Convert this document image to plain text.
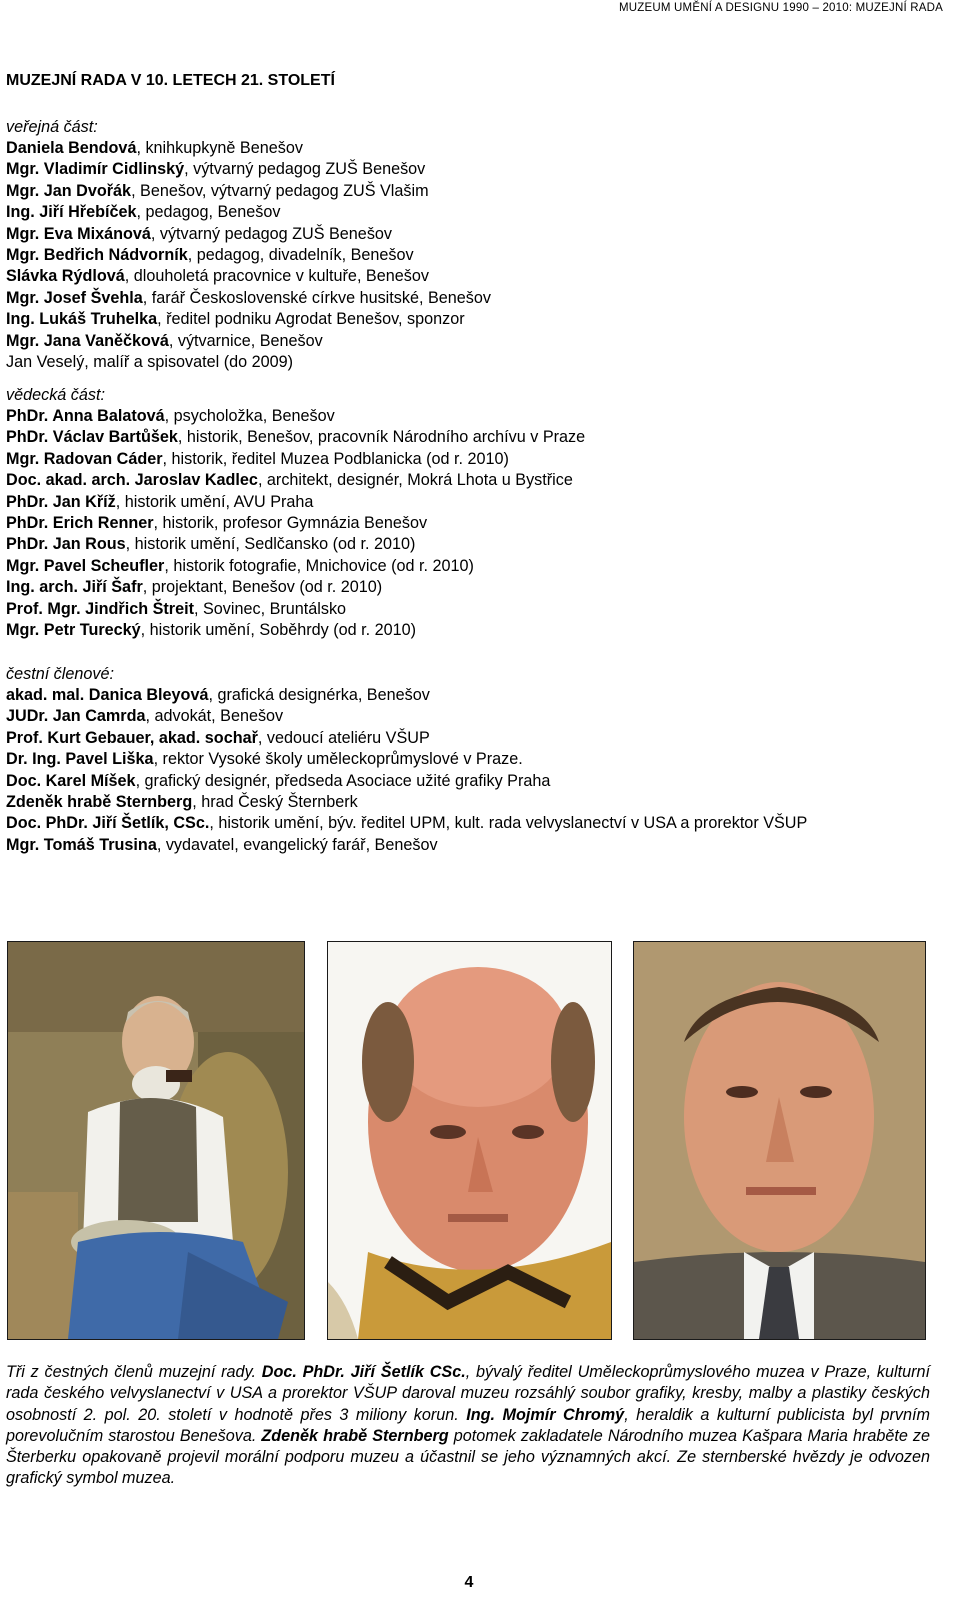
MUZEUM UMĚNÍ A DESIGNU 1990 – 2010: MUZEJNÍ RADA
MUZEJNÍ RADA V 10. LETECH 21. STOLETÍ
veřejná část:
Daniela Bendová, knihkupkyně Benešov
Mgr. Vladimír Cidlinský, výtvarný pedagog ZUŠ Benešov
Mgr. Jan Dvořák, Benešov, výtvarný pedagog ZUŠ Vlašim
Ing. Jiří Hřebíček, pedagog, Benešov
Mgr. Eva Mixánová, výtvarný pedagog ZUŠ Benešov
Mgr. Bedřich Nádvorník, pedagog, divadelník, Benešov
Slávka Rýdlová, dlouholetá pracovnice v kultuře, Benešov
Mgr. Josef Švehla, farář Československé církve husitské, Benešov
Ing. Lukáš Truhelka, ředitel podniku Agrodat Benešov, sponzor
Mgr. Jana Vaněčková, výtvarnice, Benešov
Jan Veselý, malíř a spisovatel (do 2009)
vědecká část:
PhDr. Anna Balatová, psycholožka, Benešov
PhDr. Václav Bartůšek, historik, Benešov, pracovník Národního archívu v Praze
Mgr. Radovan Cáder, historik, ředitel Muzea Podblanicka (od r. 2010)
Doc. akad. arch. Jaroslav Kadlec, architekt, designér, Mokrá Lhota u Bystřice
PhDr. Jan Kříž, historik umění, AVU Praha
PhDr. Erich Renner, historik, profesor Gymnázia Benešov
PhDr. Jan Rous, historik umění, Sedlčansko (od r. 2010)
Mgr. Pavel Scheufler, historik fotografie, Mnichovice (od r. 2010)
Ing. arch. Jiří Šafr, projektant, Benešov (od r. 2010)
Prof. Mgr. Jindřich Štreit, Sovinec, Bruntálsko
Mgr. Petr Turecký, historik umění, Soběhrdy (od r. 2010)
čestní členové:
akad. mal. Danica Bleyová, grafická designérka, Benešov
JUDr. Jan Camrda, advokát, Benešov
Prof. Kurt Gebauer, akad. sochař, vedoucí ateliéru VŠUP
Dr. Ing. Pavel Liška, rektor Vysoké školy uměleckoprůmyslové v Praze.
Doc. Karel Míšek, grafický designér, předseda Asociace užité grafiky Praha
Zdeněk hrabě Sternberg, hrad Český Šternberk
Doc. PhDr. Jiří Šetlík, CSc., historik umění, býv. ředitel UPM, kult. rada velvyslanectví v USA a prorektor VŠUP
Mgr. Tomáš Trusina, vydavatel, evangelický farář, Benešov

Tři z čestných členů muzejní rady. Doc. PhDr. Jiří Šetlík CSc., bývalý ředitel Uměleckoprůmyslového muzea v Praze, kulturní rada českého velvyslanectví v USA a prorektor VŠUP daroval muzeu rozsáhlý soubor grafiky, kresby, malby a plastiky českých osobností 2. pol. 20. století v hodnotě přes 3 miliony korun. Ing. Mojmír Chromý, heraldik a kulturní publicista byl prvním porevolučním starostou Benešova. Zdeněk hrabě Sternberg potomek zakladatele Národního muzea Kašpara Maria hraběte ze Šterberku opakovaně projevil morální podporu muzeu a účastnil se jeho významných akcí. Ze sternberské hvězdy je odvozen grafický symbol muzea.

4
